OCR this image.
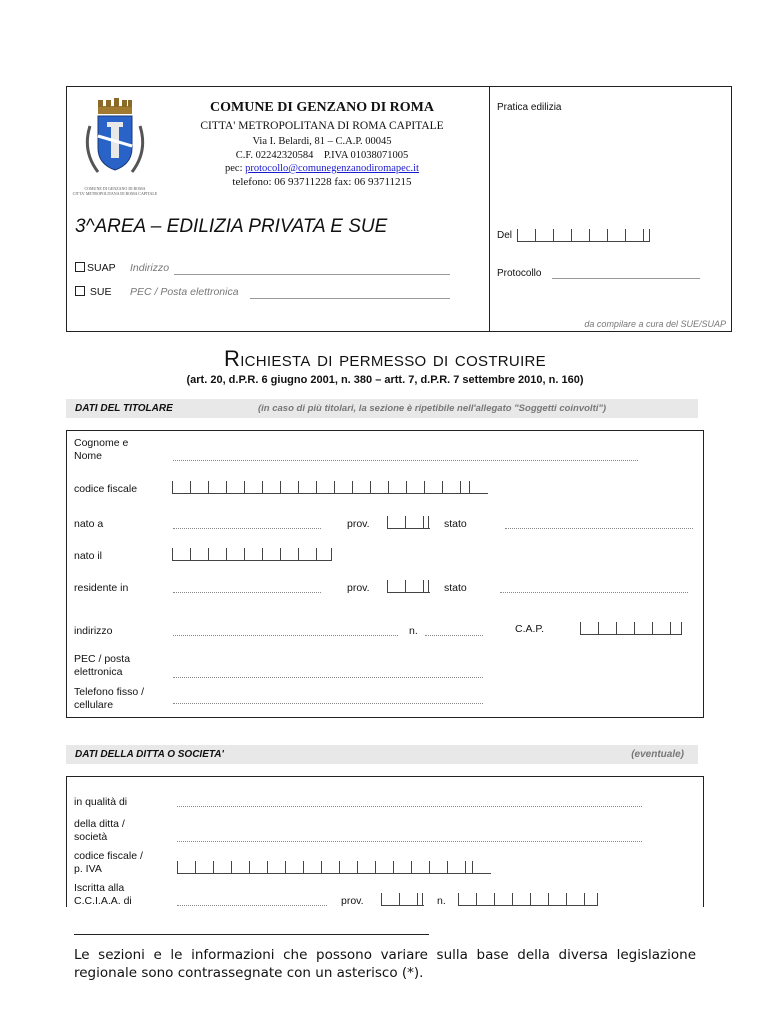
COMUNE DI GENZANO DI ROMA
CITTA' METROPOLITANA DI ROMA CAPITALE
COMUNE DI GENZANO DI ROMA
CITTA' METROPOLITANA DI ROMA CAPITALE
Via I. Belardi, 81 – C.A.P. 00045
C.F. 02242320584    P.IVA 01038071005
pec: protocollo@comunegenzanodiromapec.it
telefono: 06 93711228 fax: 06 93711215
3^AREA – EDILIZIA PRIVATA E SUE
SUAP Indirizzo
SUE PEC / Posta elettronica
Pratica edilizia
Del
Protocollo
da compilare a cura del SUE/SUAP
Richiesta di permesso di costruire
(art. 20, d.P.R. 6 giugno 2001, n. 380 – artt. 7, d.P.R. 7 settembre 2010, n. 160)
DATI DEL TITOLARE	(in caso di più titolari, la sezione è ripetibile nell'allegato "Soggetti coinvolti")
Cognome e Nome
codice fiscale
nato a	prov.	stato
nato il
residente in	prov.	stato
indirizzo	n.	C.A.P.
PEC / posta elettronica
Telefono fisso / cellulare
DATI DELLA DITTA O SOCIETA'	(eventuale)
in qualità di
della ditta / società
codice fiscale / p. IVA
Iscritta alla C.C.I.A.A. di	prov.	n.
Le sezioni e le informazioni che possono variare sulla base della diversa legislazione regionale sono contrassegnate con un asterisco (*).
